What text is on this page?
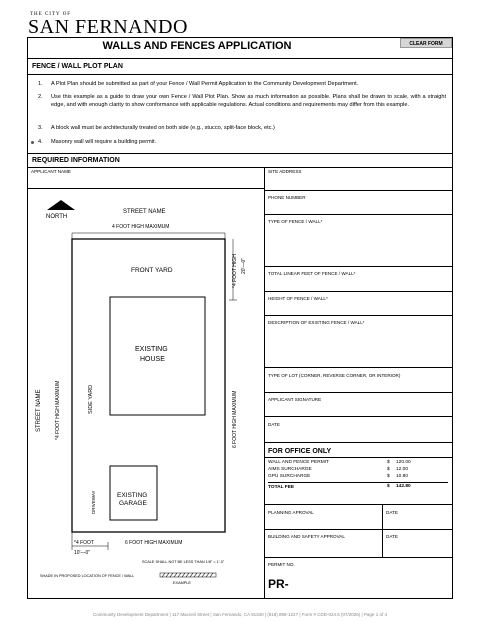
THE CITY OF
SAN FERNANDO
WALLS AND FENCES APPLICATION	CLEAR FORM
FENCE / WALL PLOT PLAN
1. A Plot Plan should be submitted as part of your Fence / Wall Permit Application to the Community Development Department.
2. Use this example as a guide to draw your own Fence / Wall Plot Plan. Show as much information as possible. Plans shall be drawn to scale, with a straight edge, and with enough clarity to show conformance with applicable regulations. Actual conditions and requirements may differ from this example.
3. A block wall must be architecturally treated on both side (e.g., stucco, split-face block, etc.)
4. Masonry wall will require a building permit.
REQUIRED INFORMATION
APPLICANT NAME	SITE ADDRESS
PHONE NUMBER
TYPE OF FENCE / WALL*
TOTAL LINEAR FEET OF FENCE / WALL*
HEIGHT OF FENCE / WALL*
DESCRIPTION OF EXISTING FENCE / WALL*
TYPE OF LOT (CORNER, REVERSE CORNER, OR INTERIOR)
APPLICANT SIGNATURE
DATE
FOR OFFICE ONLY
WALL AND FENCE PERMIT	$ 120.00
AIMS SURCHARGE	$ 12.00
GPU SURCHARGE	$ 10.80
TOTAL FEE	$ 142.80
PLANNING APROVAL	DATE
BUILDING AND SAFETY APPROVAL	DATE
PERMIT NO.
PR-
NORTH
STREET NAME
4 FOOT HIGH MAXIMUM
FRONT YARD
EXISTING
HOUSE
EXISTING
GARAGE
*4 FOOT HIGH 20'—0"
6 FOOT HIGH MAXIMUM
STREET NAME	*4 FOOT HIGH MAXIMUM	SIDE YARD
DRIVEWAY
*4 FOOT
10'—0"
6 FOOT HIGH MAXIMUM
SCALE SHALL NOT BE LESS THAN 1/8" = 1'-0"
SHADE IN PROPOSED LOCATION OF FENCE / WALL
EXAMPLE
Community Development Department | 117 Macneil Street | San Fernando, CA 91340 | (818) 898-1227 | Form # CDD-024.5 (07/2026) | Page 1 of 4
